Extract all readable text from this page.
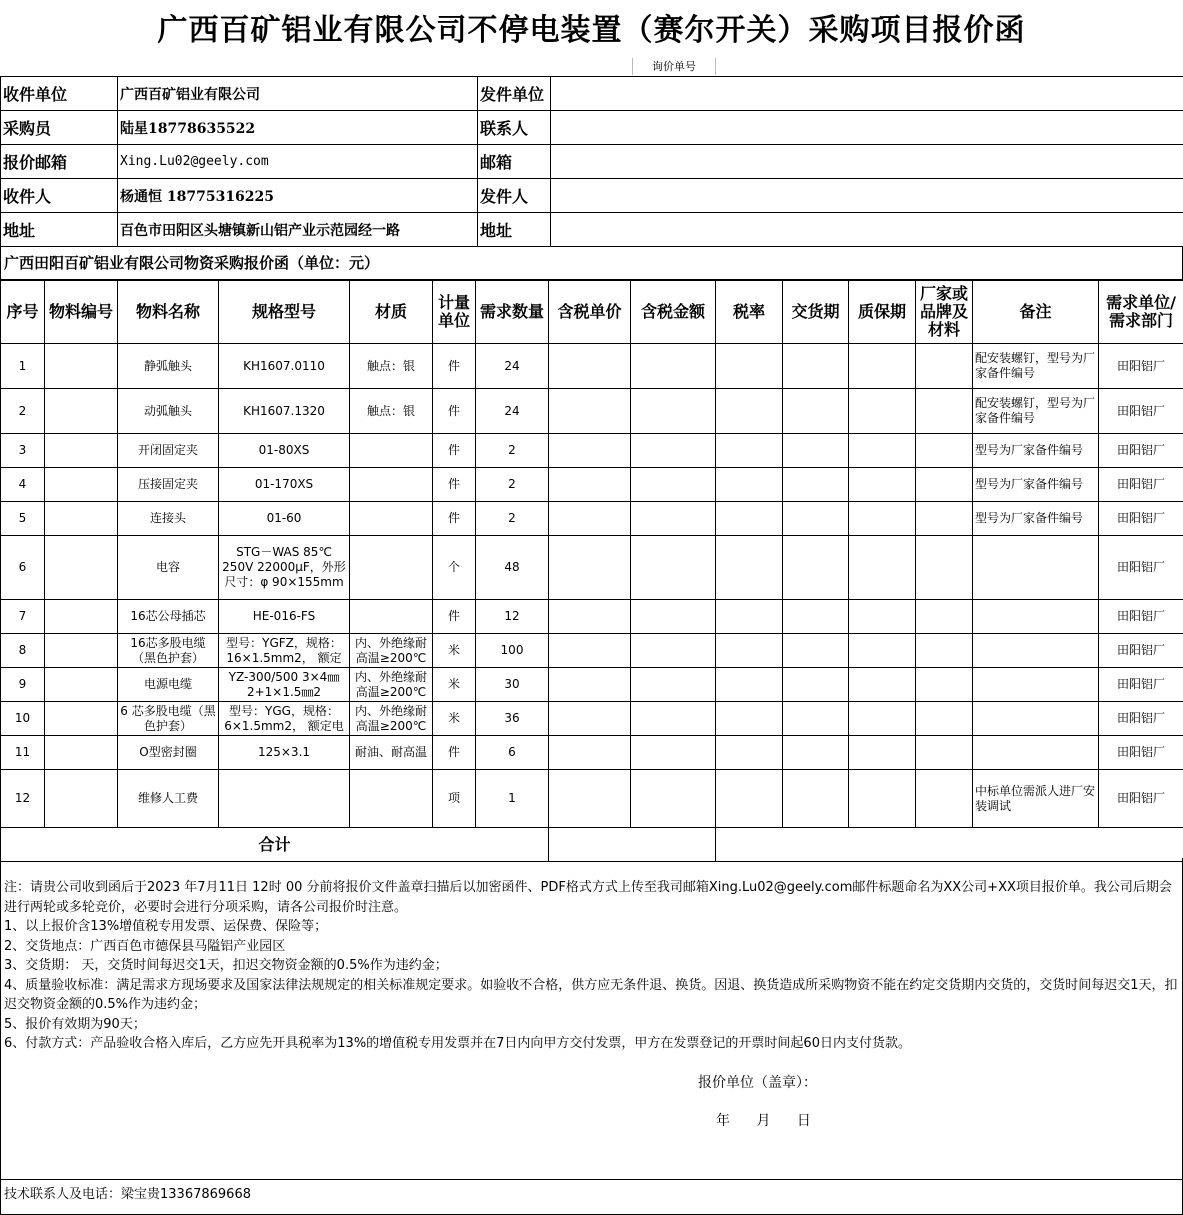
广西百矿铝业有限公司不停电装置（赛尔开关）采购项目报价函
询价单号
收件单位	广西百矿铝业有限公司	发件单位	
采购员	陆星18778635522	联系人	
报价邮箱	Xing.Lu02@geely.com	邮箱	
收件人	杨通恒 18775316225	发件人	
地址	百色市田阳区头塘镇新山铝产业示范园经一路	地址	
广西田阳百矿铝业有限公司物资采购报价函（单位：元）
序号	物料编号	物料名称	规格型号	材质	计量单位	需求数量	含税单价	含税金额	税率	交货期	质保期	厂家或品牌及材料	备注	需求单位/需求部门
1		静弧触头	KH1607.0110	触点：银	件	24							配安装螺钉，型号为厂家备件编号	田阳铝厂
2		动弧触头	KH1607.1320	触点：银	件	24							配安装螺钉，型号为厂家备件编号	田阳铝厂
3		开闭固定夹	01-80XS		件	2							型号为厂家备件编号	田阳铝厂
4		压接固定夹	01-170XS		件	2							型号为厂家备件编号	田阳铝厂
5		连接头	01-60		件	2							型号为厂家备件编号	田阳铝厂
6		电容	STG－WAS 85℃ 250V 22000μF，外形尺寸：φ 90×155mm		个	48								田阳铝厂
7		16芯公母插芯	HE-016-FS		件	12								田阳铝厂
8		16芯多股电缆（黑色护套）	型号：YGFZ，规格：16×1.5mm2， 额定	内、外绝缘耐高温≥200℃	米	100								田阳铝厂
9		电源电缆	YZ-300/500 3×4㎜ 2+1×1.5㎜2	内、外绝缘耐高温≥200℃	米	30								田阳铝厂
10		6 芯多股电缆（黑色护套）	型号：YGG，规格：6×1.5mm2， 额定电	内、外绝缘耐高温≥200℃	米	36								田阳铝厂
11		O型密封圈	125×3.1	耐油、耐高温	件	6								田阳铝厂
12		维修人工费			项	1							中标单位需派人进厂安装调试	田阳铝厂
合计														

注：请贵公司收到函后于2023 年7月11日 12时 00 分前将报价文件盖章扫描后以加密函件、PDF格式方式上传至我司邮箱Xing.Lu02@geely.com邮件标题命名为XX公司+XX项目报价单。我公司后期会进行两轮或多轮竞价，必要时会进行分项采购，请各公司报价时注意。

1、以上报价含13%增值税专用发票、运保费、保险等；

2、交货地点：广西百色市德保县马隘铝产业园区

3、交货期： 天，交货时间每迟交1天，扣迟交物资金额的0.5%作为违约金；

4、质量验收标准：满足需求方现场要求及国家法律法规规定的相关标准规定要求。如验收不合格，供方应无条件退、换货。因退、换货造成所采购物资不能在约定交货期内交货的，交货时间每迟交1天，扣迟交物资金额的0.5%作为违约金；

5、报价有效期为90天；

6、付款方式：产品验收合格入库后，乙方应先开具税率为13%的增值税专用发票并在7日内向甲方交付发票，甲方在发票登记的开票时间起60日内支付货款。

报价单位（盖章）：
年 月 日
技术联系人及电话：梁宝贵13367869668
